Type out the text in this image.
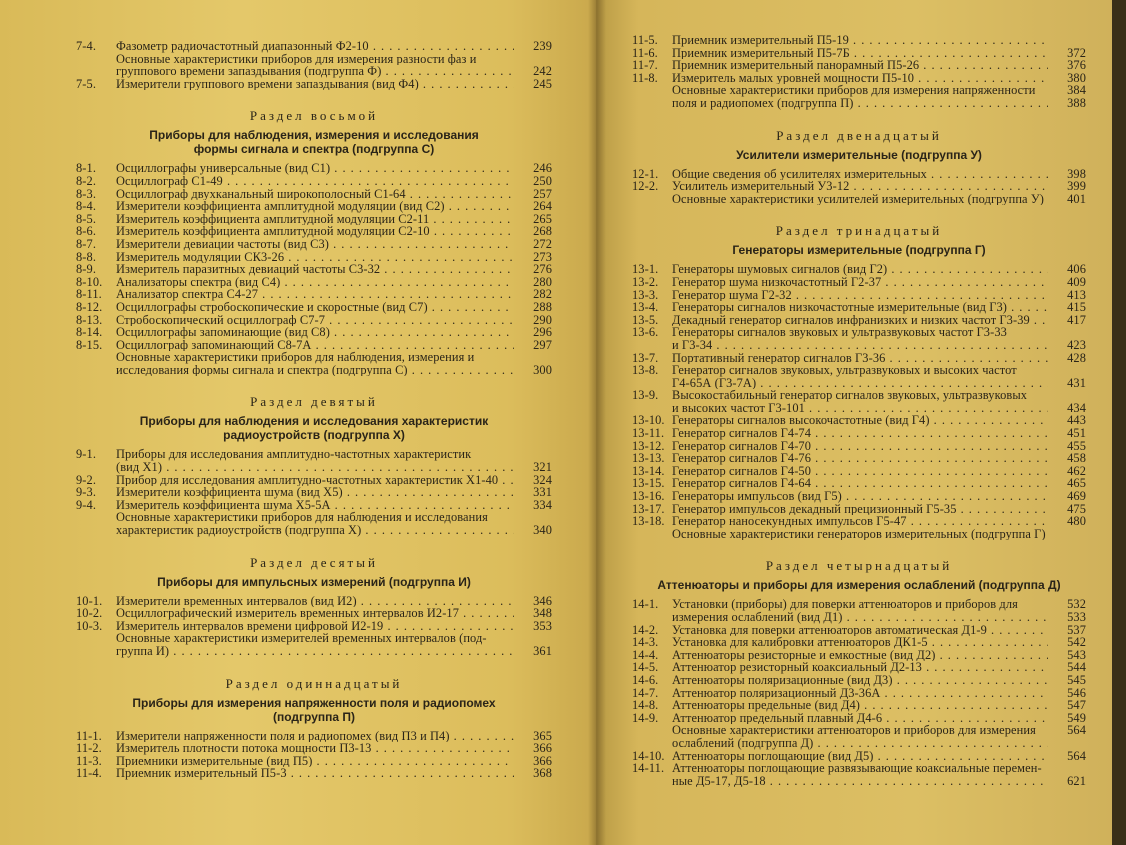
7-4.	Фазометр радиочастотный диапазонный Ф2-10 . . .	239
Основные характеристики приборов для измерения разности фаз и
группового времени запаздывания (подгруппа Ф) . . .	242
7-5.	Измерители группового времени запаздывания (вид Ф4) . . .	245
Раздел восьмой
Приборы для наблюдения, измерения и исследования
формы сигнала и спектра (подгруппа С)
8-1.	Осциллографы универсальные (вид С1) . . .	246
8-2.	Осциллограф С1-49 . . .	250
8-3.	Осциллограф двухканальный широкополосный С1-64 . . .	257
8-4.	Измерители коэффициента амплитудной модуляции (вид С2) . . .	264
8-5.	Измеритель коэффициента амплитудной модуляции С2-11 . . .	265
8-6.	Измеритель коэффициента амплитудной модуляции С2-10 . . .	268
8-7.	Измерители девиации частоты (вид С3) . . .	272
8-8.	Измеритель модуляции СК3-26 . . .	273
8-9.	Измеритель паразитных девиаций частоты С3-32 . . .	276
8-10.	Анализаторы спектра (вид С4) . . .	280
8-11.	Анализатор спектра С4-27 . . .	282
8-12.	Осциллографы стробоскопические и скоростные (вид С7) . . .	288
8-13.	Стробоскопический осциллограф С7-7 . . .	290
8-14.	Осциллографы запоминающие (вид С8) . . .	296
8-15.	Осциллограф запоминающий С8-7А . . .	297
Основные характеристики приборов для наблюдения, измерения и
исследования формы сигнала и спектра (подгруппа С) . . .	300
Раздел девятый
Приборы для наблюдения и исследования характеристик
радиоустройств (подгруппа Х)
9-1.	Приборы для исследования амплитудно-частотных характеристик
(вид Х1) . . .	321
9-2.	Прибор для исследования амплитудно-частотных характеристик Х1-40 . . .	324
9-3.	Измерители коэффициента шума (вид Х5) . . .	331
9-4.	Измеритель коэффициента шума Х5-5А . . .	334
Основные характеристики приборов для наблюдения и исследования
характеристик радиоустройств (подгруппа Х) . . .	340
Раздел десятый
Приборы для импульсных измерений (подгруппа И)
10-1.	Измерители временных интервалов (вид И2) . . .	346
10-2.	Осциллографический измеритель временных интервалов И2-17 . . .	348
10-3.	Измеритель интервалов времени цифровой И2-19 . . .	353
Основные характеристики измерителей временных интервалов (под-
группа И) . . .	361
Раздел одиннадцатый
Приборы для измерения напряженности поля и радиопомех
(подгруппа П)
11-1.	Измерители напряженности поля и радиопомех (вид П3 и П4) . . .	365
11-2.	Измеритель плотности потока мощности П3-13 . . .	366
11-3.	Приемники измерительные (вид П5) . . .	366
11-4.	Приемник измерительный П5-3 . . .	368
11-5.	Приемник измерительный П5-19 . . .
11-6.	Приемник измерительный П5-7Б . . .	372
11-7.	Приемник измерительный панорамный П5-26 . . .	376
11-8.	Измеритель малых уровней мощности П5-10 . . .	380
Основные характеристики приборов для измерения напряженности	384
поля и радиопомех (подгруппа П) . . .	388
Раздел двенадцатый
Усилители измерительные (подгруппа У)
12-1.	Общие сведения об усилителях измерительных . . .	398
12-2.	Усилитель измерительный У3-12 . . .	399
Основные характеристики усилителей измерительных (подгруппа У) . . .	401
Раздел тринадцатый
Генераторы измерительные (подгруппа Г)
13-1.	Генераторы шумовых сигналов (вид Г2) . . .	406
13-2.	Генератор шума низкочастотный Г2-37 . . .	409
13-3.	Генератор шума Г2-32 . . .	413
13-4.	Генераторы сигналов низкочастотные измерительные (вид Г3) . . .	415
13-5.	Декадный генератор сигналов инфранизких и низких частот Г3-39 . . .	417
13-6.	Генераторы сигналов звуковых и ультразвуковых частот Г3-33
и Г3-34 . . .	423
13-7.	Портативный генератор сигналов Г3-36 . . .	428
13-8.	Генератор сигналов звуковых, ультразвуковых и высоких частот
Г4-65А (Г3-7А) . . .	431
13-9.	Высокостабильный генератор сигналов звуковых, ультразвуковых
и высоких частот Г3-101 . . .	434
13-10. Генераторы сигналов высокочастотные (вид Г4) . . .	443
13-11. Генератор сигналов Г4-74 . . .	451
13-12. Генератор сигналов Г4-70 . . .	455
13-13. Генератор сигналов Г4-76 . . .	458
13-14. Генератор сигналов Г4-50 . . .	462
13-15. Генератор сигналов Г4-64 . . .	465
13-16. Генераторы импульсов (вид Г5) . . .	469
13-17. Генератор импульсов декадный прецизионный Г5-35 . . .	475
13-18. Генератор наносекундных импульсов Г5-47 . . .	480
Основные характеристики генераторов измерительных (подгруппа Г) . . .
Раздел четырнадцатый
Аттенюаторы и приборы для измерения ослаблений (подгруппа Д)
14-1.	Установки (приборы) для поверки аттенюаторов и приборов для	532
измерения ослаблений (вид Д1) . . .	533
14-2.	Установка для поверки аттенюаторов автоматическая Д1-9 . . .	537
14-3.	Установка для калибровки аттенюаторов ДК1-5 . . .	542
14-4.	Аттенюаторы резисторные и емкостные (вид Д2) . . .	543
14-5.	Аттенюатор резисторный коаксиальный Д2-13 . . .	544
14-6.	Аттенюаторы поляризационные (вид Д3) . . .	545
14-7.	Аттенюатор поляризационный Д3-36А . . .	546
14-8.	Аттенюаторы предельные (вид Д4) . . .	547
14-9.	Аттенюатор предельный плавный Д4-6 . . .	549
Основные характеристики аттенюаторов и приборов для измерения	564
ослаблений (подгруппа Д) . . .
14-10. Аттенюаторы поглощающие (вид Д5) . . .	564
14-11. Аттенюаторы поглощающие развязывающие коаксиальные перемен-
ные Д5-17, Д5-18 . . .	621
